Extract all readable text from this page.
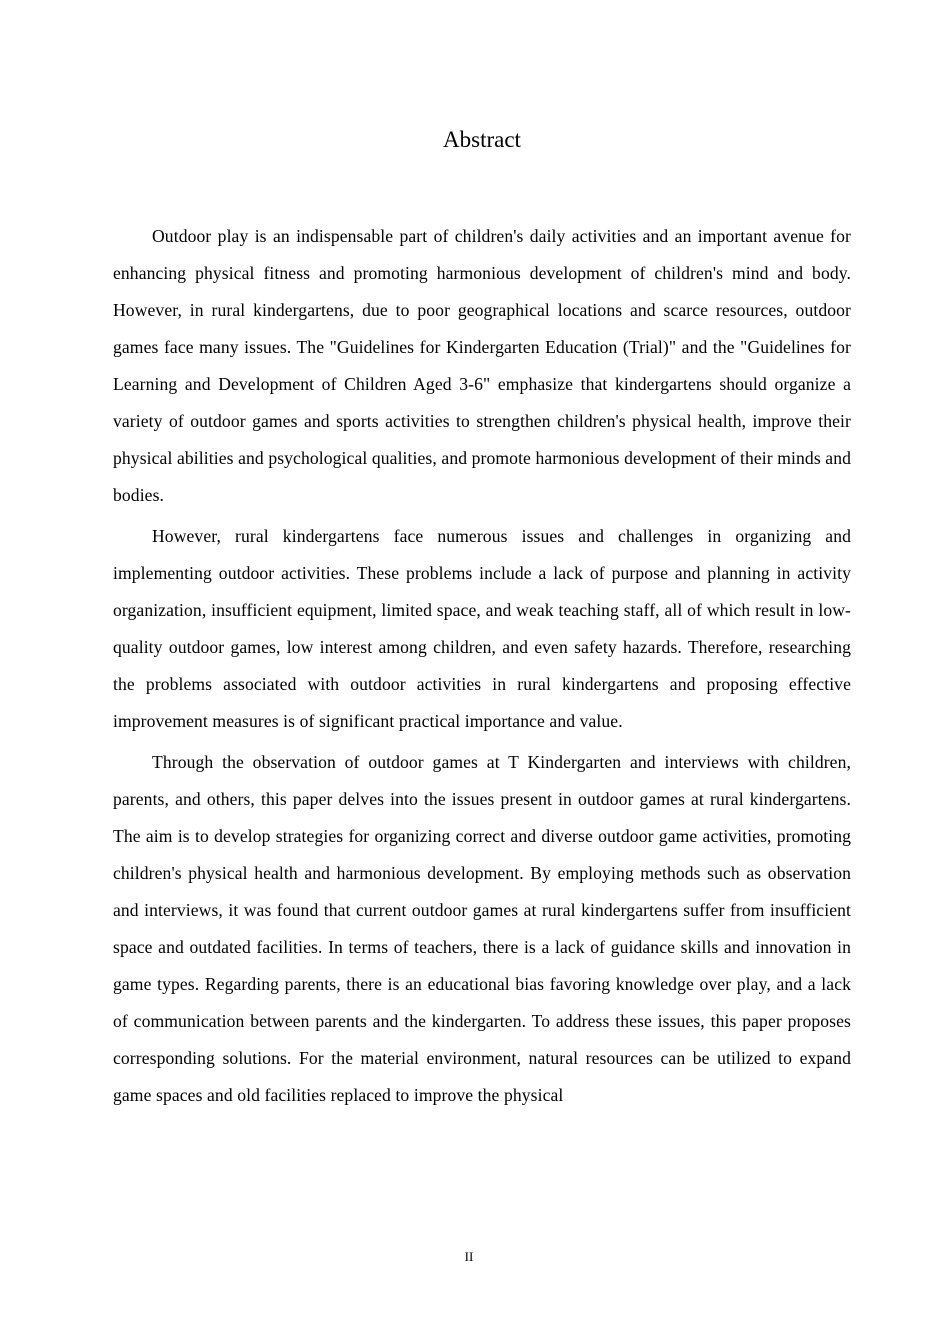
Abstract

Outdoor play is an indispensable part of children's daily activities and an important avenue for enhancing physical fitness and promoting harmonious development of children's mind and body. However, in rural kindergartens, due to poor geographical locations and scarce resources, outdoor games face many issues. The "Guidelines for Kindergarten Education (Trial)" and the "Guidelines for Learning and Development of Children Aged 3-6" emphasize that kindergartens should organize a variety of outdoor games and sports activities to strengthen children's physical health, improve their physical abilities and psychological qualities, and promote harmonious development of their minds and bodies.

However, rural kindergartens face numerous issues and challenges in organizing and implementing outdoor activities. These problems include a lack of purpose and planning in activity organization, insufficient equipment, limited space, and weak teaching staff, all of which result in low-quality outdoor games, low interest among children, and even safety hazards. Therefore, researching the problems associated with outdoor activities in rural kindergartens and proposing effective improvement measures is of significant practical importance and value.

Through the observation of outdoor games at T Kindergarten and interviews with children, parents, and others, this paper delves into the issues present in outdoor games at rural kindergartens. The aim is to develop strategies for organizing correct and diverse outdoor game activities, promoting children's physical health and harmonious development. By employing methods such as observation and interviews, it was found that current outdoor games at rural kindergartens suffer from insufficient space and outdated facilities. In terms of teachers, there is a lack of guidance skills and innovation in game types. Regarding parents, there is an educational bias favoring knowledge over play, and a lack of communication between parents and the kindergarten. To address these issues, this paper proposes corresponding solutions. For the material environment, natural resources can be utilized to expand game spaces and old facilities replaced to improve the physical

II
